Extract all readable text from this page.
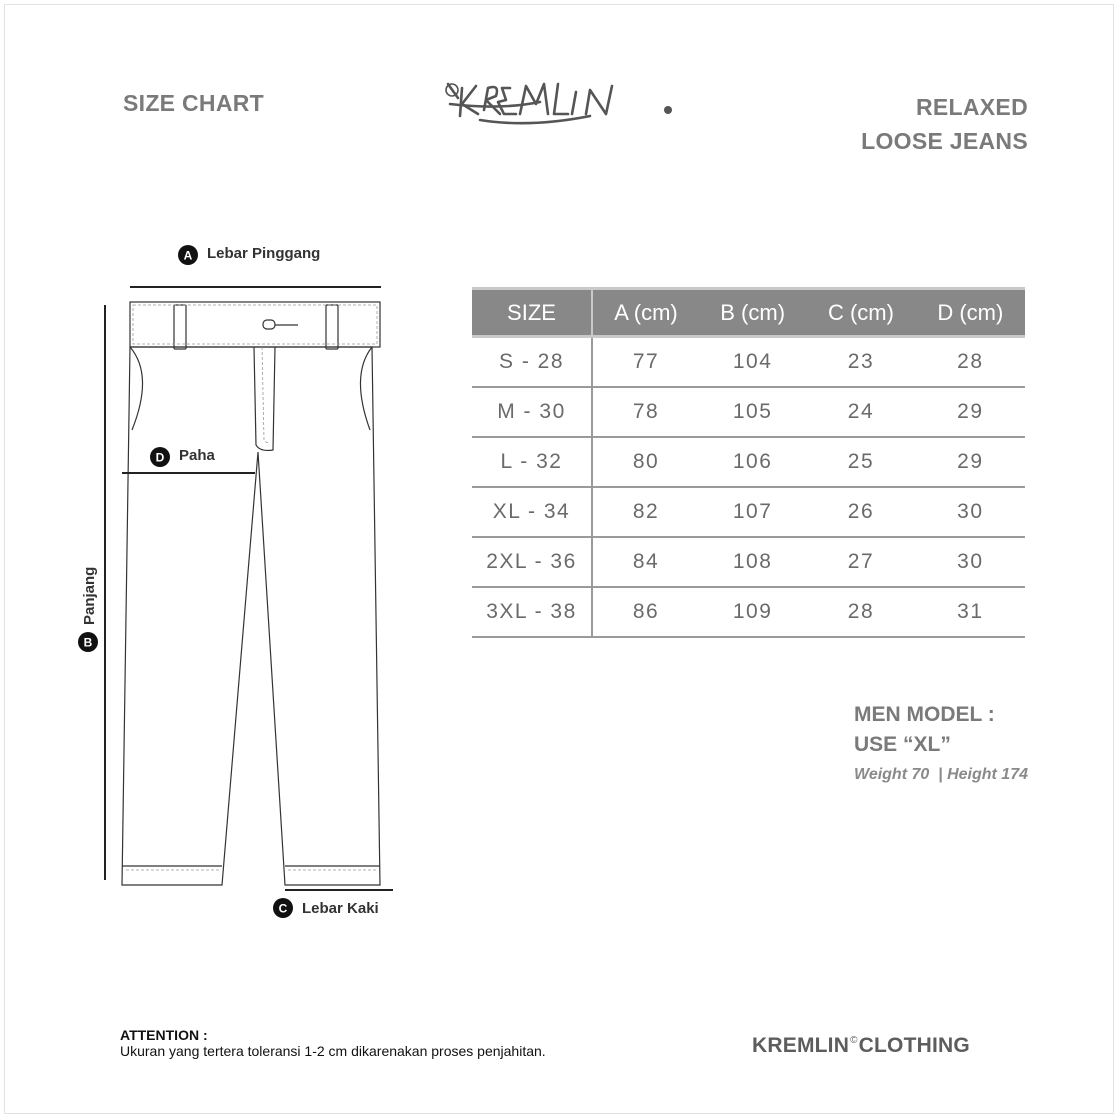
SIZE CHART	RELAXED
LOOSE JEANS
A Lebar Pinggang
B
Panjang
D Paha
C Lebar Kaki
SIZE	A (cm)	B (cm)	C (cm)	D (cm)
S - 28	77	104	23	28
M - 30	78	105	24	29
L - 32	80	106	25	29
XL - 34	82	107	26	30
2XL - 36	84	108	27	30
3XL - 38	86	109	28	31
MEN MODEL :
USE “XL”
Weight 70  | Height 174
ATTENTION :
Ukuran yang tertera toleransi 1-2 cm dikarenakan proses penjahitan.	KREMLIN©CLOTHING
